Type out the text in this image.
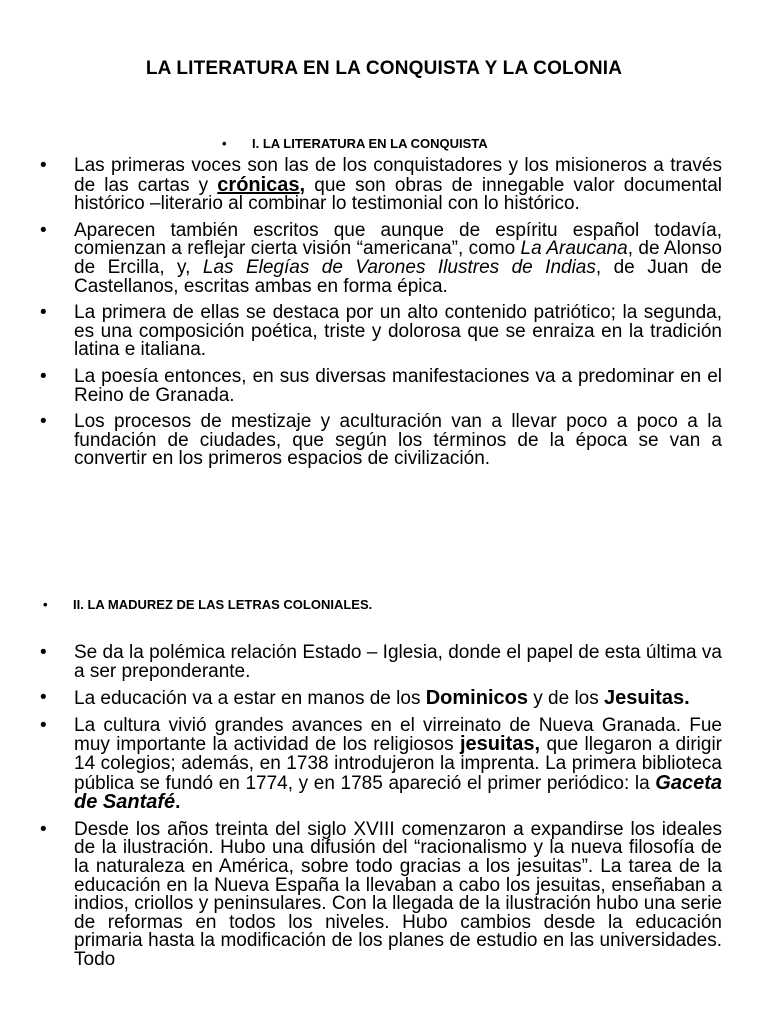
LA LITERATURA EN LA CONQUISTA Y LA COLONIA
• I. LA LITERATURA EN LA CONQUISTA
• Las primeras voces son las de los conquistadores y los misioneros a través de las cartas y crónicas, que son obras de innegable valor documental histórico –literario al combinar lo testimonial con lo histórico.
• Aparecen también escritos que aunque de espíritu español todavía, comienzan a reflejar cierta visión “americana”, como La Araucana, de Alonso de Ercilla, y, Las Elegías de Varones Ilustres de Indias, de Juan de Castellanos, escritas ambas en forma épica.
• La primera de ellas se destaca por un alto contenido patriótico; la segunda, es una composición poética, triste y dolorosa que se enraiza en la tradición latina e italiana.
• La poesía entonces, en sus diversas manifestaciones va a predominar en el Reino de Granada.
• Los procesos de mestizaje y aculturación van a llevar poco a poco a la fundación de ciudades, que según los términos de la época se van a convertir en los primeros espacios de civilización.
• II. LA MADUREZ DE LAS LETRAS COLONIALES.
• Se da la polémica relación Estado – Iglesia, donde el papel de esta última va a ser preponderante.
• La educación va a estar en manos de los Dominicos y de los Jesuitas.
• La cultura vivió grandes avances en el virreinato de Nueva Granada. Fue muy importante la actividad de los religiosos jesuitas, que llegaron a dirigir 14 colegios; además, en 1738 introdujeron la imprenta. La primera biblioteca pública se fundó en 1774, y en 1785 apareció el primer periódico: la Gaceta de Santafé.
• Desde los años treinta del siglo XVIII comenzaron a expandirse los ideales de la ilustración. Hubo una difusión del “racionalismo y la nueva filosofía de la naturaleza en América, sobre todo gracias a los jesuitas”. La tarea de la educación en la Nueva España la llevaban a cabo los jesuitas, enseñaban a indios, criollos y peninsulares. Con la llegada de la ilustración hubo una serie de reformas en todos los niveles. Hubo cambios desde la educación primaria hasta la modificación de los planes de estudio en las universidades. Todo
